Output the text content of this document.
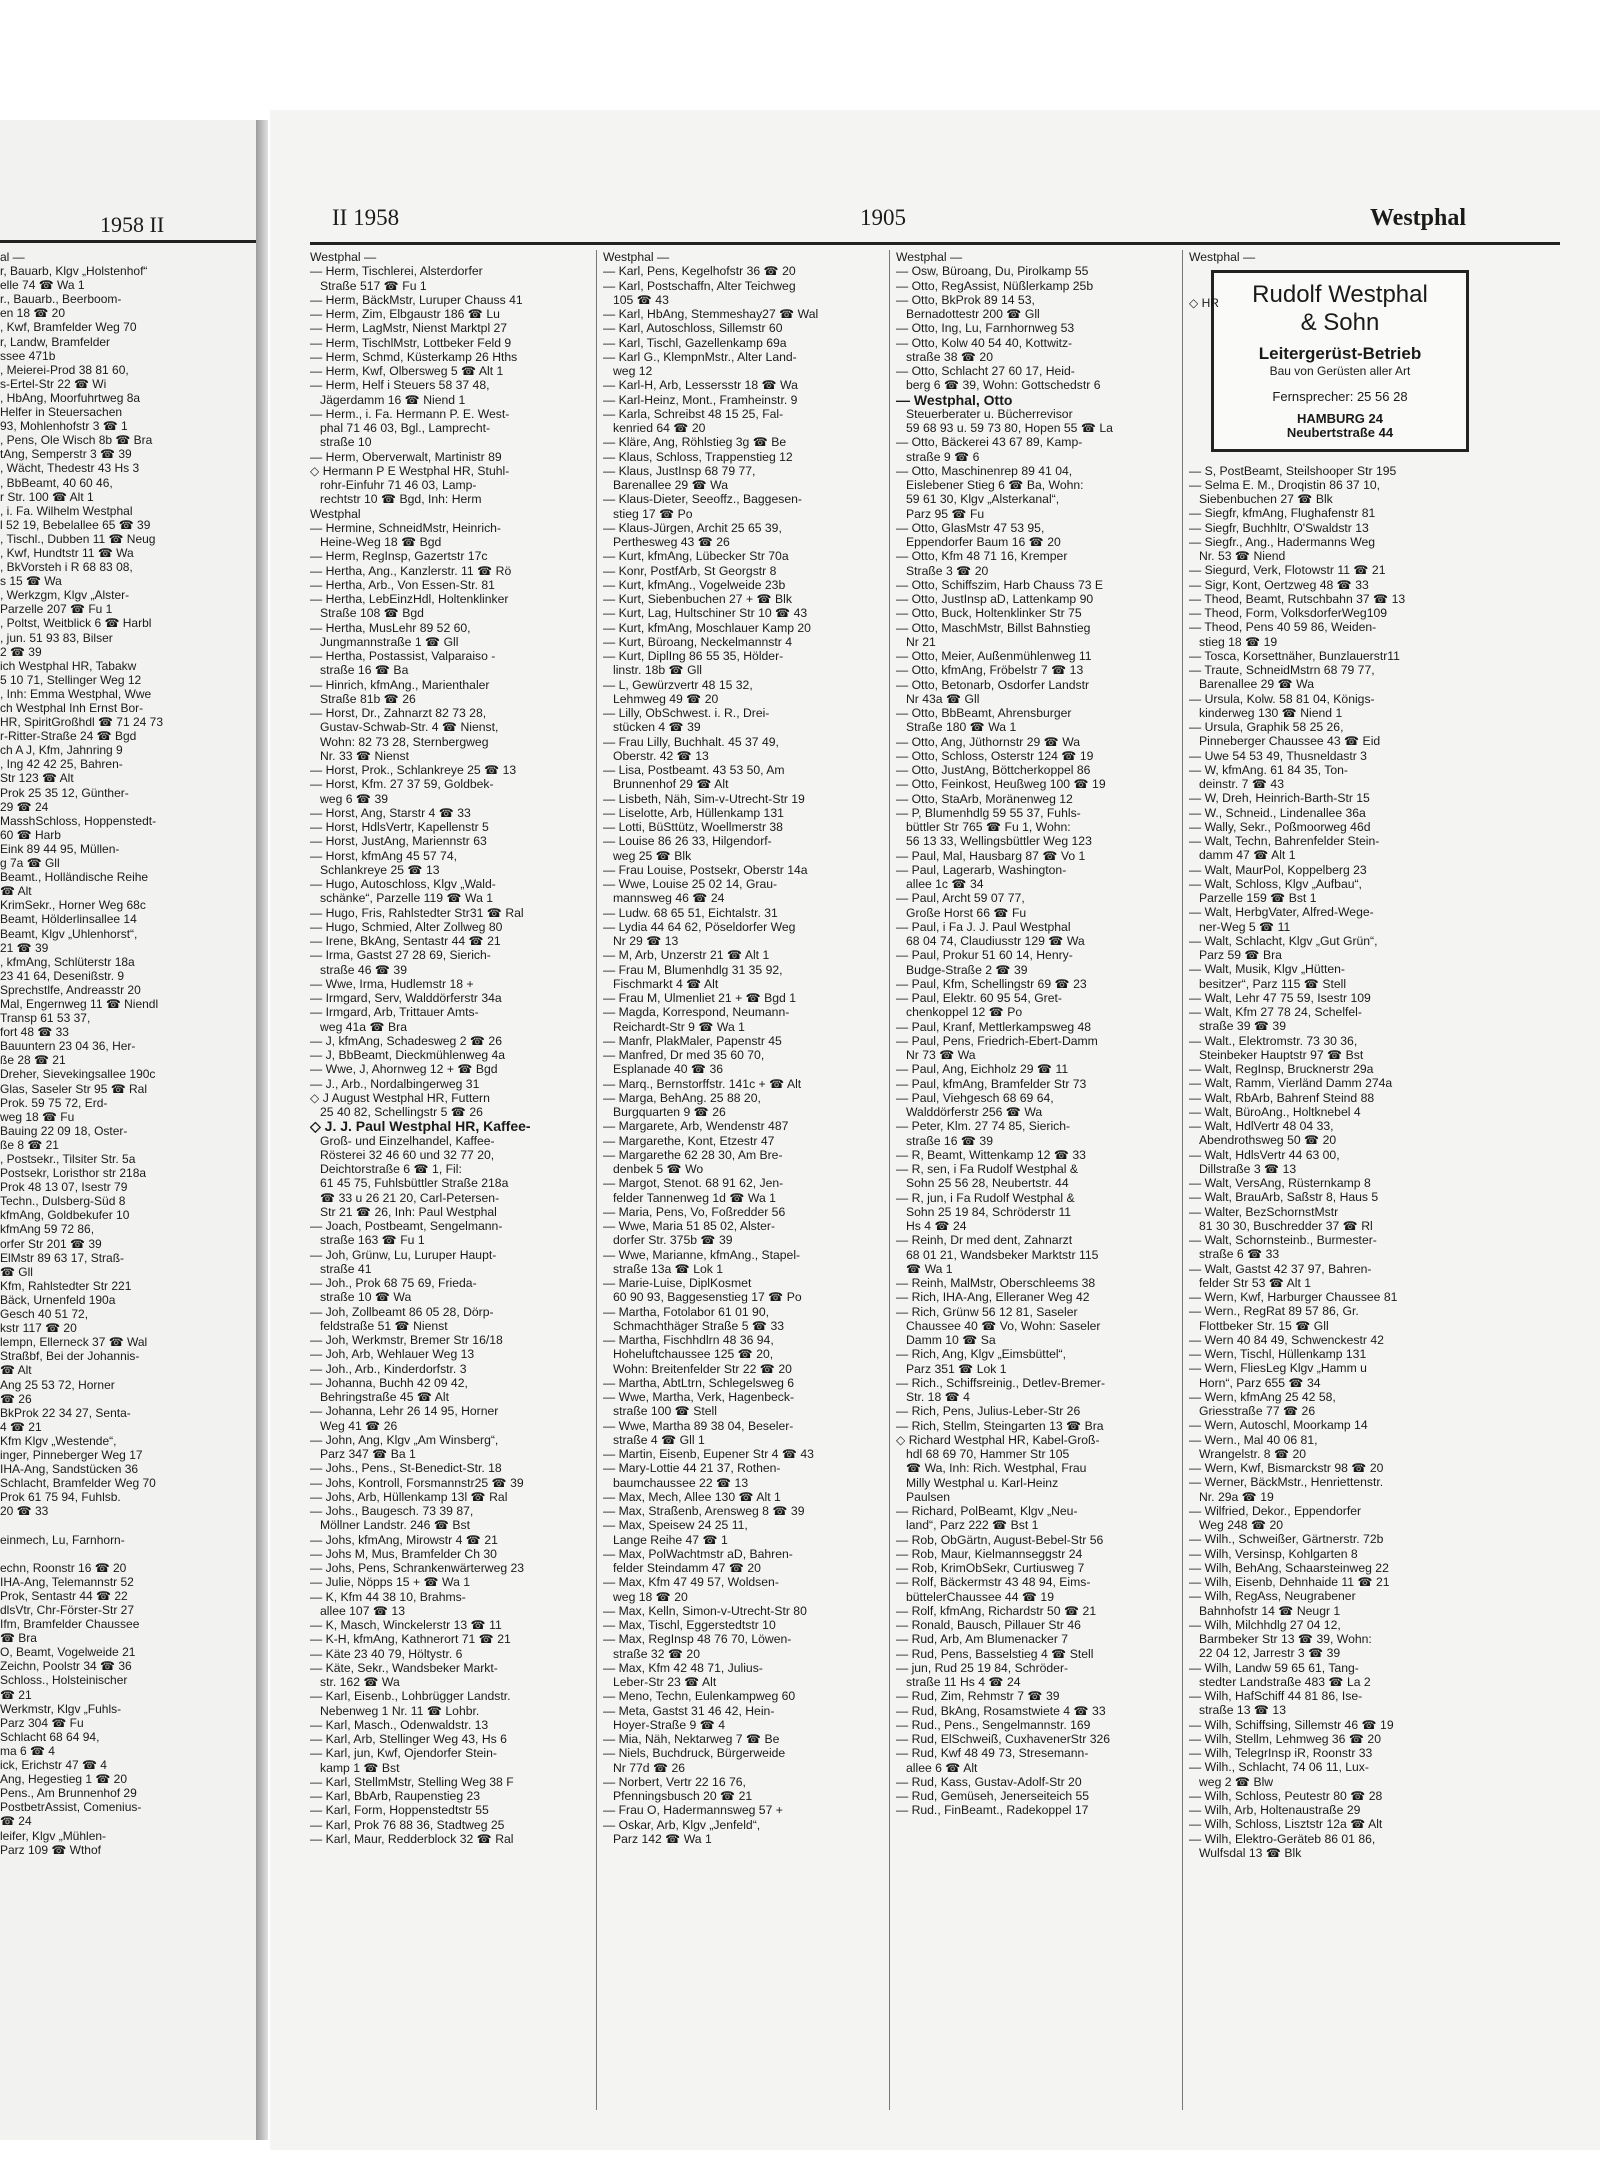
1958 II
al —
r, Bauarb, Klgv „Holstenhof“
elle 74 ☎ Wa 1
r., Bauarb., Beerboom-
en 18 ☎ 20
, Kwf, Bramfelder Weg 70
r, Landw, Bramfelder
ssee 471b
, Meierei-Prod 38 81 60,
s-Ertel-Str 22 ☎ Wi
, HbAng, Moorfuhrtweg 8a
Helfer in Steuersachen
93, Mohlenhofstr 3 ☎ 1
, Pens, Ole Wisch 8b ☎ Bra
tAng, Semperstr 3 ☎ 39
, Wächt, Thedestr 43 Hs 3
, BbBeamt, 40 60 46,
r Str. 100 ☎ Alt 1
, i. Fa. Wilhelm Westphal
l 52 19, Bebelallee 65 ☎ 39
, Tischl., Dubben 11 ☎ Neug
, Kwf, Hundtstr 11 ☎ Wa
, BkVorsteh i R 68 83 08,
s 15 ☎ Wa
, Werkzgm, Klgv „Alster-
Parzelle 207 ☎ Fu 1
, Poltst, Weitblick 6 ☎ Harbl
, jun. 51 93 83, Bilser
2 ☎ 39
ich Westphal HR, Tabakw
5 10 71, Stellinger Weg 12
, Inh: Emma Westphal, Wwe
ch Westphal Inh Ernst Bor-
HR, SpiritGroßhdl ☎ 71 24 73
r-Ritter-Straße 24 ☎ Bgd
ch A J, Kfm, Jahnring 9
, Ing 42 42 25, Bahren-
Str 123 ☎ Alt
Prok 25 35 12, Günther-
29 ☎ 24
MasshSchloss, Hoppenstedt-
60 ☎ Harb
Eink 89 44 95, Müllen-
g 7a ☎ Gll
Beamt., Holländische Reihe
☎ Alt
KrimSekr., Horner Weg 68c
Beamt, Hölderlinsallee 14
Beamt, Klgv „Uhlenhorst“,
21 ☎ 39
, kfmAng, Schlüterstr 18a
23 41 64, Desenißstr. 9
Sprechstlfe, Andreasstr 20
Mal, Engernweg 11 ☎ Niendl
Transp 61 53 37,
fort 48 ☎ 33
Bauuntern 23 04 36, Her-
ße 28 ☎ 21
Dreher, Sievekingsallee 190c
Glas, Saseler Str 95 ☎ Ral
Prok. 59 75 72, Erd-
weg 18 ☎ Fu
Bauing 22 09 18, Oster-
ße 8 ☎ 21
, Postsekr., Tilsiter Str. 5a
Postsekr, Loristhor str 218a
Prok 48 13 07, Isestr 79
Techn., Dulsberg-Süd 8
kfmAng, Goldbekufer 10
kfmAng 59 72 86,
orfer Str 201 ☎ 39
ElMstr 89 63 17, Straß-
☎ Gll
Kfm, Rahlstedter Str 221
Bäck, Urnenfeld 190a
Gesch 40 51 72,
kstr 117 ☎ 20
lempn, Ellerneck 37 ☎ Wal
Straßbf, Bei der Johannis-
☎ Alt
Ang 25 53 72, Horner
☎ 26
BkProk 22 34 27, Senta-
4 ☎ 21
Kfm Klgv „Westende“,
inger, Pinneberger Weg 17
IHA-Ang, Sandstücken 36
Schlacht, Bramfelder Weg 70
Prok 61 75 94, Fuhlsb.
20 ☎ 33

einmech, Lu, Farnhorn-

echn, Roonstr 16 ☎ 20
IHA-Ang, Telemannstr 52
Prok, Sentastr 44 ☎ 22
dlsVtr, Chr-Förster-Str 27
Ifm, Bramfelder Chaussee
☎ Bra
O, Beamt, Vogelweide 21
Zeichn, Poolstr 34 ☎ 36
Schloss., Holsteinischer
☎ 21
Werkmstr, Klgv „Fuhls-
Parz 304 ☎ Fu
Schlacht 68 64 94,
ma 6 ☎ 4
ick, Erichstr 47 ☎ 4
Ang, Hegestieg 1 ☎ 20
Pens., Am Brunnenhof 29
PostbetrAssist, Comenius-
☎ 24
leifer, Klgv „Mühlen-
Parz 109 ☎ Wthof
II 1958	1905	Westphal
Westphal —
— Herm, Tischlerei, Alsterdorfer
Straße 517 ☎ Fu 1
— Herm, BäckMstr, Luruper Chauss 41
— Herm, Zim, Elbgaustr 186 ☎ Lu
— Herm, LagMstr, Nienst Marktpl 27
— Herm, TischlMstr, Lottbeker Feld 9
— Herm, Schmd, Küsterkamp 26 Hths
— Herm, Kwf, Olbersweg 5 ☎ Alt 1
— Herm, Helf i Steuers 58 37 48,
Jägerdamm 16 ☎ Niend 1
— Herm., i. Fa. Hermann P. E. West-
phal 71 46 03, Bgl., Lamprecht-
straße 10
— Herm, Oberverwalt, Martinistr 89
◇ Hermann P E Westphal HR, Stuhl-
rohr-Einfuhr 71 46 03, Lamp-
rechtstr 10 ☎ Bgd, Inh: Herm
Westphal
— Hermine, SchneidMstr, Heinrich-
Heine-Weg 18 ☎ Bgd
— Herm, RegInsp, Gazertstr 17c
— Hertha, Ang., Kanzlerstr. 11 ☎ Rö
— Hertha, Arb., Von Essen-Str. 81
— Hertha, LebEinzHdl, Holtenklinker
Straße 108 ☎ Bgd
— Hertha, MusLehr 89 52 60,
Jungmannstraße 1 ☎ Gll
— Hertha, Postassist, Valparaiso -
straße 16 ☎ Ba
— Hinrich, kfmAng., Marienthaler
Straße 81b ☎ 26
— Horst, Dr., Zahnarzt 82 73 28,
Gustav-Schwab-Str. 4 ☎ Nienst,
Wohn: 82 73 28, Sternbergweg
Nr. 33 ☎ Nienst
— Horst, Prok., Schlankreye 25 ☎ 13
— Horst, Kfm. 27 37 59, Goldbek-
weg 6 ☎ 39
— Horst, Ang, Starstr 4 ☎ 33
— Horst, HdlsVertr, Kapellenstr 5
— Horst, JustAng, Mariennstr 63
— Horst, kfmAng 45 57 74,
Schlankreye 25 ☎ 13
— Hugo, Autoschloss, Klgv „Wald-
schänke“, Parzelle 119 ☎ Wa 1
— Hugo, Fris, Rahlstedter Str31 ☎ Ral
— Hugo, Schmied, Alter Zollweg 80
— Irene, BkAng, Sentastr 44 ☎ 21
— Irma, Gastst 27 28 69, Sierich-
straße 46 ☎ 39
— Wwe, Irma, Hudlemstr 18 +
— Irmgard, Serv, Walddörferstr 34a
— Irmgard, Arb, Trittauer Amts-
weg 41a ☎ Bra
— J, kfmAng, Schadesweg 2 ☎ 26
— J, BbBeamt, Dieckmühlenweg 4a
— Wwe, J, Ahornweg 12 + ☎ Bgd
— J., Arb., Nordalbingerweg 31
◇ J August Westphal HR, Futtern
25 40 82, Schellingstr 5 ☎ 26
◇ J. J. Paul Westphal HR, Kaffee-
Groß- und Einzelhandel, Kaffee-
Rösterei 32 46 60 und 32 77 20,
Deichtorstraße 6 ☎ 1, Fil:
61 45 75, Fuhlsbüttler Straße 218a
☎ 33 u 26 21 20, Carl-Petersen-
Str 21 ☎ 26, Inh: Paul Westphal
— Joach, Postbeamt, Sengelmann-
straße 163 ☎ Fu 1
— Joh, Grünw, Lu, Luruper Haupt-
straße 41
— Joh., Prok 68 75 69, Frieda-
straße 10 ☎ Wa
— Joh, Zollbeamt 86 05 28, Dörp-
feldstraße 51 ☎ Nienst
— Joh, Werkmstr, Bremer Str 16/18
— Joh, Arb, Wehlauer Weg 13
— Joh., Arb., Kinderdorfstr. 3
— Johanna, Buchh 42 09 42,
Behringstraße 45 ☎ Alt
— Johanna, Lehr 26 14 95, Horner
Weg 41 ☎ 26
— John, Ang, Klgv „Am Winsberg“,
Parz 347 ☎ Ba 1
— Johs., Pens., St-Benedict-Str. 18
— Johs, Kontroll, Forsmannstr25 ☎ 39
— Johs, Arb, Hüllenkamp 13l ☎ Ral
— Johs., Baugesch. 73 39 87,
Möllner Landstr. 246 ☎ Bst
— Johs, kfmAng, Mirowstr 4 ☎ 21
— Johs M, Mus, Bramfelder Ch 30
— Johs, Pens, Schrankenwärterweg 23
— Julie, Nöpps 15 + ☎ Wa 1
— K, Kfm 44 38 10, Brahms-
allee 107 ☎ 13
— K, Masch, Winckelerstr 13 ☎ 11
— K-H, kfmAng, Kathnerort 71 ☎ 21
— Käte 23 40 79, Höltystr. 6
— Käte, Sekr., Wandsbeker Markt-
str. 162 ☎ Wa
— Karl, Eisenb., Lohbrügger Landstr.
Nebenweg 1 Nr. 11 ☎ Lohbr.
— Karl, Masch., Odenwaldstr. 13
— Karl, Arb, Stellinger Weg 43, Hs 6
— Karl, jun, Kwf, Ojendorfer Stein-
kamp 1 ☎ Bst
— Karl, StellmMstr, Stelling Weg 38 F
— Karl, BbArb, Raupenstieg 23
— Karl, Form, Hoppenstedtstr 55
— Karl, Prok 76 88 36, Stadtweg 25
— Karl, Maur, Redderblock 32 ☎ Ral
Westphal —
— Karl, Pens, Kegelhofstr 36 ☎ 20
— Karl, Postschaffn, Alter Teichweg
105 ☎ 43
— Karl, HbAng, Stemmeshay27 ☎ Wal
— Karl, Autoschloss, Sillemstr 60
— Karl, Tischl, Gazellenkamp 69a
— Karl G., KlempnMstr., Alter Land-
weg 12
— Karl-H, Arb, Lessersstr 18 ☎ Wa
— Karl-Heinz, Mont., Framheinstr. 9
— Karla, Schreibst 48 15 25, Fal-
kenried 64 ☎ 20
— Kläre, Ang, Röhlstieg 3g ☎ Be
— Klaus, Schloss, Trappenstieg 12
— Klaus, JustInsp 68 79 77,
Barenallee 29 ☎ Wa
— Klaus-Dieter, Seeoffz., Baggesen-
stieg 17 ☎ Po
— Klaus-Jürgen, Archit 25 65 39,
Perthesweg 43 ☎ 26
— Kurt, kfmAng, Lübecker Str 70a
— Konr, PostfArb, St Georgstr 8
— Kurt, kfmAng., Vogelweide 23b
— Kurt, Siebenbuchen 27 + ☎ Blk
— Kurt, Lag, Hultschiner Str 10 ☎ 43
— Kurt, kfmAng, Moschlauer Kamp 20
— Kurt, Büroang, Neckelmannstr 4
— Kurt, DiplIng 86 55 35, Hölder-
linstr. 18b ☎ Gll
— L, Gewürzvertr 48 15 32,
Lehmweg 49 ☎ 20
— Lilly, ObSchwest. i. R., Drei-
stücken 4 ☎ 39
— Frau Lilly, Buchhalt. 45 37 49,
Oberstr. 42 ☎ 13
— Lisa, Postbeamt. 43 53 50, Am
Brunnenhof 29 ☎ Alt
— Lisbeth, Näh, Sim-v-Utrecht-Str 19
— Liselotte, Arb, Hüllenkamp 131
— Lotti, BüSttütz, Woellmerstr 38
— Louise 86 26 33, Hilgendorf-
weg 25 ☎ Blk
— Frau Louise, Postsekr, Oberstr 14a
— Wwe, Louise 25 02 14, Grau-
mannsweg 46 ☎ 24
— Ludw. 68 65 51, Eichtalstr. 31
— Lydia 44 64 62, Pöseldorfer Weg
Nr 29 ☎ 13
— M, Arb, Unzerstr 21 ☎ Alt 1
— Frau M, Blumenhdlg 31 35 92,
Fischmarkt 4 ☎ Alt
— Frau M, Ulmenliet 21 + ☎ Bgd 1
— Magda, Korrespond, Neumann-
Reichardt-Str 9 ☎ Wa 1
— Manfr, PlakMaler, Papenstr 45
— Manfred, Dr med 35 60 70,
Esplanade 40 ☎ 36
— Marq., Bernstorffstr. 141c + ☎ Alt
— Marga, BehAng. 25 88 20,
Burgquarten 9 ☎ 26
— Margarete, Arb, Wendenstr 487
— Margarethe, Kont, Etzestr 47
— Margarethe 62 28 30, Am Bre-
denbek 5 ☎ Wo
— Margot, Stenot. 68 91 62, Jen-
felder Tannenweg 1d ☎ Wa 1
— Maria, Pens, Vo, Foßredder 56
— Wwe, Maria 51 85 02, Alster-
dorfer Str. 375b ☎ 39
— Wwe, Marianne, kfmAng., Stapel-
straße 13a ☎ Lok 1
— Marie-Luise, DiplKosmet
60 90 93, Baggesenstieg 17 ☎ Po
— Martha, Fotolabor 61 01 90,
Schmachthäger Straße 5 ☎ 33
— Martha, Fischhdlrn 48 36 94,
Hoheluftchaussee 125 ☎ 20,
Wohn: Breitenfelder Str 22 ☎ 20
— Martha, AbtLtrn, Schlegelsweg 6
— Wwe, Martha, Verk, Hagenbeck-
straße 100 ☎ Stell
— Wwe, Martha 89 38 04, Beseler-
straße 4 ☎ Gll 1
— Martin, Eisenb, Eupener Str 4 ☎ 43
— Mary-Lottie 44 21 37, Rothen-
baumchaussee 22 ☎ 13
— Max, Mech, Allee 130 ☎ Alt 1
— Max, Straßenb, Arensweg 8 ☎ 39
— Max, Speisew 24 25 11,
Lange Reihe 47 ☎ 1
— Max, PolWachtmstr aD, Bahren-
felder Steindamm 47 ☎ 20
— Max, Kfm 47 49 57, Woldsen-
weg 18 ☎ 20
— Max, Kelln, Simon-v-Utrecht-Str 80
— Max, Tischl, Eggerstedtstr 10
— Max, RegInsp 48 76 70, Löwen-
straße 32 ☎ 20
— Max, Kfm 42 48 71, Julius-
Leber-Str 23 ☎ Alt
— Meno, Techn, Eulenkampweg 60
— Meta, Gastst 31 46 42, Hein-
Hoyer-Straße 9 ☎ 4
— Mia, Näh, Nektarweg 7 ☎ Be
— Niels, Buchdruck, Bürgerweide
Nr 77d ☎ 26
— Norbert, Vertr 22 16 76,
Pfenningsbusch 20 ☎ 21
— Frau O, Hadermannsweg 57 +
— Oskar, Arb, Klgv „Jenfeld“,
Parz 142 ☎ Wa 1
Westphal —
— Osw, Büroang, Du, Pirolkamp 55
— Otto, RegAssist, Nüßlerkamp 25b
— Otto, BkProk 89 14 53,
Bernadottestr 200 ☎ Gll
— Otto, Ing, Lu, Farnhornweg 53
— Otto, Kolw 40 54 40, Kottwitz-
straße 38 ☎ 20
— Otto, Schlacht 27 60 17, Heid-
berg 6 ☎ 39, Wohn: Gottschedstr 6
— Westphal, Otto
Steuerberater u. Bücherrevisor
59 68 93 u. 59 73 80, Hopen 55 ☎ La
— Otto, Bäckerei 43 67 89, Kamp-
straße 9 ☎ 6
— Otto, Maschinenrep 89 41 04,
Eislebener Stieg 6 ☎ Ba, Wohn:
59 61 30, Klgv „Alsterkanal“,
Parz 95 ☎ Fu
— Otto, GlasMstr 47 53 95,
Eppendorfer Baum 16 ☎ 20
— Otto, Kfm 48 71 16, Kremper
Straße 3 ☎ 20
— Otto, Schiffszim, Harb Chauss 73 E
— Otto, JustInsp aD, Lattenkamp 90
— Otto, Buck, Holtenklinker Str 75
— Otto, MaschMstr, Billst Bahnstieg
Nr 21
— Otto, Meier, Außenmühlenweg 11
— Otto, kfmAng, Fröbelstr 7 ☎ 13
— Otto, Betonarb, Osdorfer Landstr
Nr 43a ☎ Gll
— Otto, BbBeamt, Ahrensburger
Straße 180 ☎ Wa 1
— Otto, Ang, Jüthornstr 29 ☎ Wa
— Otto, Schloss, Osterstr 124 ☎ 19
— Otto, JustAng, Böttcherkoppel 86
— Otto, Feinkost, Heußweg 100 ☎ 19
— Otto, StaArb, Moränenweg 12
— P, Blumenhdlg 59 55 37, Fuhls-
büttler Str 765 ☎ Fu 1, Wohn:
56 13 33, Wellingsbüttler Weg 123
— Paul, Mal, Hausbarg 87 ☎ Vo 1
— Paul, Lagerarb, Washington-
allee 1c ☎ 34
— Paul, Archt 59 07 77,
Große Horst 66 ☎ Fu
— Paul, i Fa J. J. Paul Westphal
68 04 74, Claudiusstr 129 ☎ Wa
— Paul, Prokur 51 60 14, Henry-
Budge-Straße 2 ☎ 39
— Paul, Kfm, Schellingstr 69 ☎ 23
— Paul, Elektr. 60 95 54, Gret-
chenkoppel 12 ☎ Po
— Paul, Kranf, Mettlerkampsweg 48
— Paul, Pens, Friedrich-Ebert-Damm
Nr 73 ☎ Wa
— Paul, Ang, Eichholz 29 ☎ 11
— Paul, kfmAng, Bramfelder Str 73
— Paul, Viehgesch 68 69 64,
Walddörferstr 256 ☎ Wa
— Peter, Klm. 27 74 85, Sierich-
straße 16 ☎ 39
— R, Beamt, Wittenkamp 12 ☎ 33
— R, sen, i Fa Rudolf Westphal &
Sohn 25 56 28, Neubertstr. 44
— R, jun, i Fa Rudolf Westphal &
Sohn 25 19 84, Schröderstr 11
Hs 4 ☎ 24
— Reinh, Dr med dent, Zahnarzt
68 01 21, Wandsbeker Marktstr 115
☎ Wa 1
— Reinh, MalMstr, Oberschleems 38
— Rich, IHA-Ang, Elleraner Weg 42
— Rich, Grünw 56 12 81, Saseler
Chaussee 40 ☎ Vo, Wohn: Saseler
Damm 10 ☎ Sa
— Rich, Ang, Klgv „Eimsbüttel“,
Parz 351 ☎ Lok 1
— Rich., Schiffsreinig., Detlev-Bremer-
Str. 18 ☎ 4
— Rich, Pens, Julius-Leber-Str 26
— Rich, Stellm, Steingarten 13 ☎ Bra
◇ Richard Westphal HR, Kabel-Groß-
hdl 68 69 70, Hammer Str 105
☎ Wa, Inh: Rich. Westphal, Frau
Milly Westphal u. Karl-Heinz
Paulsen
— Richard, PolBeamt, Klgv „Neu-
land“, Parz 222 ☎ Bst 1
— Rob, ObGärtn, August-Bebel-Str 56
— Rob, Maur, Kielmannseggstr 24
— Rob, KrimObSekr, Curtiusweg 7
— Rolf, Bäckermstr 43 48 94, Eims-
büttelerChaussee 44 ☎ 19
— Rolf, kfmAng, Richardstr 50 ☎ 21
— Ronald, Bausch, Pillauer Str 46
— Rud, Arb, Am Blumenacker 7
— Rud, Pens, Basselstieg 4 ☎ Stell
— jun, Rud 25 19 84, Schröder-
straße 11 Hs 4 ☎ 24
— Rud, Zim, Rehmstr 7 ☎ 39
— Rud, BkAng, Rosamstwiete 4 ☎ 33
— Rud., Pens., Sengelmannstr. 169
— Rud, ElSchweiß, CuxhavenerStr 326
— Rud, Kwf 48 49 73, Stresemann-
allee 6 ☎ Alt
— Rud, Kass, Gustav-Adolf-Str 20
— Rud, Gemüseh, Jenerseiteich 55
— Rud., FinBeamt., Radekoppel 17
Westphal —
◇ HR	Rudolf Westphal
& Sohn
Leitergerüst-Betrieb
Bau von Gerüsten aller Art
Fernsprecher: 25 56 28
HAMBURG 24
Neubertstraße 44
— S, PostBeamt, Steilshooper Str 195
— Selma E. M., Droqistin 86 37 10,
Siebenbuchen 27 ☎ Blk
— Siegfr, kfmAng, Flughafenstr 81
— Siegfr, Buchhltr, O'Swaldstr 13
— Siegfr., Ang., Hadermanns Weg
Nr. 53 ☎ Niend
— Siegurd, Verk, Flotowstr 11 ☎ 21
— Sigr, Kont, Oertzweg 48 ☎ 33
— Theod, Beamt, Rutschbahn 37 ☎ 13
— Theod, Form, VolksdorferWeg109
— Theod, Pens 40 59 86, Weiden-
stieg 18 ☎ 19
— Tosca, Korsettnäher, Bunzlauerstr11
— Traute, SchneidMstrn 68 79 77,
Barenallee 29 ☎ Wa
— Ursula, Kolw. 58 81 04, Königs-
kinderweg 130 ☎ Niend 1
— Ursula, Graphik 58 25 26,
Pinneberger Chaussee 43 ☎ Eid
— Uwe 54 53 49, Thusneldastr 3
— W, kfmAng. 61 84 35, Ton-
deinstr. 7 ☎ 43
— W, Dreh, Heinrich-Barth-Str 15
— W., Schneid., Lindenallee 36a
— Wally, Sekr., Poßmoorweg 46d
— Walt, Techn, Bahrenfelder Stein-
damm 47 ☎ Alt 1
— Walt, MaurPol, Koppelberg 23
— Walt, Schloss, Klgv „Aufbau“,
Parzelle 159 ☎ Bst 1
— Walt, HerbgVater, Alfred-Wege-
ner-Weg 5 ☎ 11
— Walt, Schlacht, Klgv „Gut Grün“,
Parz 59 ☎ Bra
— Walt, Musik, Klgv „Hütten-
besitzer“, Parz 115 ☎ Stell
— Walt, Lehr 47 75 59, Isestr 109
— Walt, Kfm 27 78 24, Schelfel-
straße 39 ☎ 39
— Walt., Elektromstr. 73 30 36,
Steinbeker Hauptstr 97 ☎ Bst
— Walt, RegInsp, Brucknerstr 29a
— Walt, Ramm, Vierländ Damm 274a
— Walt, RbArb, Bahrenf Steind 88
— Walt, BüroAng., Holtknebel 4
— Walt, HdlVertr 48 04 33,
Abendrothsweg 50 ☎ 20
— Walt, HdlsVertr 44 63 00,
Dillstraße 3 ☎ 13
— Walt, VersAng, Rüsternkamp 8
— Walt, BrauArb, Saßstr 8, Haus 5
— Walter, BezSchornstMstr
81 30 30, Buschredder 37 ☎ Rl
— Walt, Schornsteinb., Burmester-
straße 6 ☎ 33
— Walt, Gastst 42 37 97, Bahren-
felder Str 53 ☎ Alt 1
— Wern, Kwf, Harburger Chaussee 81
— Wern., RegRat 89 57 86, Gr.
Flottbeker Str. 15 ☎ Gll
— Wern 40 84 49, Schwenckestr 42
— Wern, Tischl, Hüllenkamp 131
— Wern, FliesLeg Klgv „Hamm u
Horn“, Parz 655 ☎ 34
— Wern, kfmAng 25 42 58,
Griesstraße 77 ☎ 26
— Wern, Autoschl, Moorkamp 14
— Wern., Mal 40 06 81,
Wrangelstr. 8 ☎ 20
— Wern, Kwf, Bismarckstr 98 ☎ 20
— Werner, BäckMstr., Henriettenstr.
Nr. 29a ☎ 19
— Wilfried, Dekor., Eppendorfer
Weg 248 ☎ 20
— Wilh., Schweißer, Gärtnerstr. 72b
— Wilh, Versinsp, Kohlgarten 8
— Wilh, BehAng, Schaarsteinweg 22
— Wilh, Eisenb, Dehnhaide 11 ☎ 21
— Wilh, RegAss, Neugrabener
Bahnhofstr 14 ☎ Neugr 1
— Wilh, Milchhdlg 27 04 12,
Barmbeker Str 13 ☎ 39, Wohn:
22 04 12, Jarrestr 3 ☎ 39
— Wilh, Landw 59 65 61, Tang-
stedter Landstraße 483 ☎ La 2
— Wilh, HafSchiff 44 81 86, Ise-
straße 13 ☎ 13
— Wilh, Schiffsing, Sillemstr 46 ☎ 19
— Wilh, Stellm, Lehmweg 36 ☎ 20
— Wilh, TelegrInsp iR, Roonstr 33
— Wilh., Schlacht, 74 06 11, Lux-
weg 2 ☎ Blw
— Wilh, Schloss, Peutestr 80 ☎ 28
— Wilh, Arb, Holtenaustraße 29
— Wilh, Schloss, Lisztstr 12a ☎ Alt
— Wilh, Elektro-Geräteb 86 01 86,
Wulfsdal 13 ☎ Blk
